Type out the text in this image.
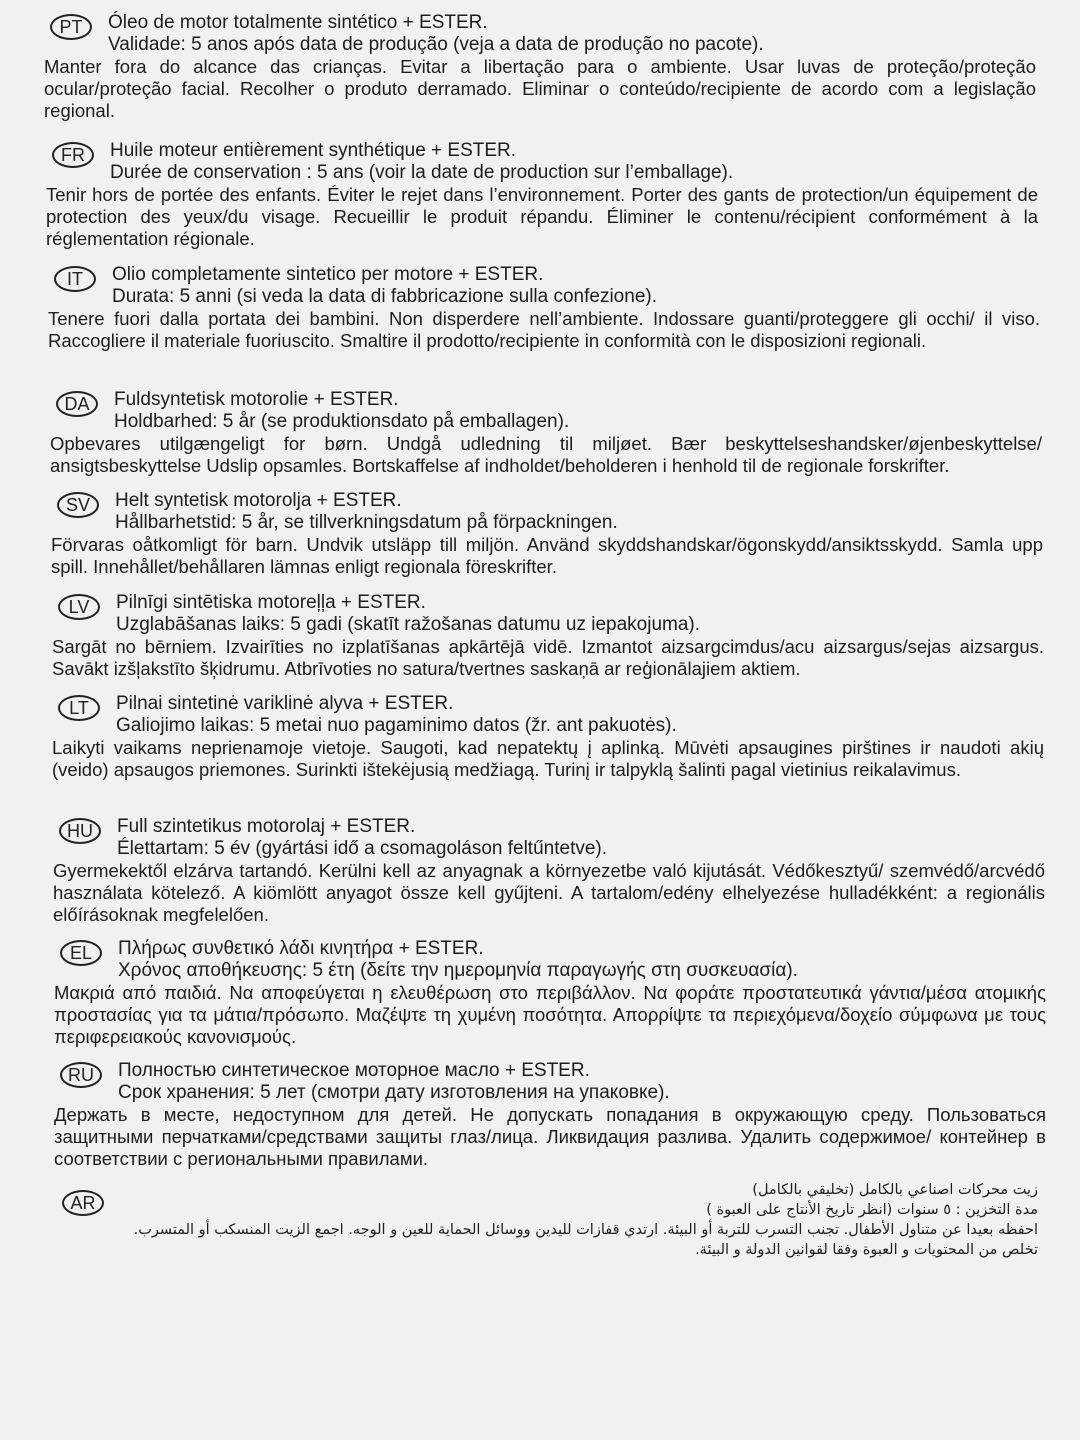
PT	Óleo de motor totalmente sintético + ESTER.
Validade: 5 anos após data de produção (veja a data de produção no pacote).
Manter fora do alcance das crianças. Evitar a libertação para o ambiente. Usar luvas de proteção/proteção ocular/proteção facial. Recolher o produto derramado. Eliminar o conteúdo/recipiente de acordo com a legislação regional.
FR	Huile moteur entièrement synthétique + ESTER.
Durée de conservation : 5 ans (voir la date de production sur l’emballage).
Tenir hors de portée des enfants. Éviter le rejet dans l’environnement. Porter des gants de protection/un équipement de protection des yeux/du visage. Recueillir le produit répandu. Éliminer le contenu/récipient conformément à la réglementation régionale.
IT	Olio completamente sintetico per motore + ESTER.
Durata: 5 anni (si veda la data di fabbricazione sulla confezione).
Tenere fuori dalla portata dei bambini. Non disperdere nell’ambiente. Indossare guanti/proteggere gli occhi/ il viso. Raccogliere il materiale fuoriuscito. Smaltire il prodotto/recipiente in conformità con le disposizioni regionali.
DA	Fuldsyntetisk motorolie + ESTER.
Holdbarhed: 5 år (se produktionsdato på emballagen).
Opbevares utilgængeligt for børn. Undgå udledning til miljøet. Bær beskyttelseshandsker/øjenbeskyttelse/ ansigtsbeskyttelse Udslip opsamles. Bortskaffelse af indholdet/beholderen i henhold til de regionale forskrifter.
SV	Helt syntetisk motorolja + ESTER.
Hållbarhetstid: 5 år, se tillverkningsdatum på förpackningen.
Förvaras oåtkomligt för barn. Undvik utsläpp till miljön. Använd skyddshandskar/ögonskydd/ansiktsskydd. Samla upp spill. Innehållet/behållaren lämnas enligt regionala föreskrifter.
LV	Pilnīgi sintētiska motoreļļa + ESTER.
Uzglabāšanas laiks: 5 gadi (skatīt ražošanas datumu uz iepakojuma).
Sargāt no bērniem. Izvairīties no izplatīšanas apkārtējā vidē. Izmantot aizsargcimdus/acu aizsargus/sejas aizsargus. Savākt izšļakstīto šķidrumu. Atbrīvoties no satura/tvertnes saskaņā ar reģionālajiem aktiem.
LT	Pilnai sintetinė variklinė alyva + ESTER.
Galiojimo laikas: 5 metai nuo pagaminimo datos (žr. ant pakuotės).
Laikyti vaikams neprienamoje vietoje. Saugoti, kad nepatektų į aplinką. Mūvėti apsaugines pirštines ir naudoti akių (veido) apsaugos priemones. Surinkti ištekėjusią medžiagą. Turinį ir talpyklą šalinti pagal vietinius reikalavimus.
HU	Full szintetikus motorolaj + ESTER.
Élettartam: 5 év (gyártási idő a csomagoláson feltűntetve).
Gyermekektől elzárva tartandó. Kerülni kell az anyagnak a környezetbe való kijutását. Védőkesztyű/ szemvédő/arcvédő használata kötelező. A kiömlött anyagot össze kell gyűjteni. A tartalom/edény elhelyezése hulladékként: a regionális előírásoknak megfelelően.
EL	Πλήρως συνθετικό λάδι κινητήρα + ESTER.
Χρόνος αποθήκευσης: 5 έτη (δείτε την ημερομηνία παραγωγής στη συσκευασία).
Μακριά από παιδιά. Να αποφεύγεται η ελευθέρωση στο περιβάλλον. Να φοράτε προστατευτικά γάντια/μέσα ατομικής προστασίας για τα μάτια/πρόσωπο. Μαζέψτε τη χυμένη ποσότητα. Απορρίψτε τα περιεχόμενα/δοχείο σύμφωνα με τους περιφερειακούς κανονισμούς.
RU	Полностью синтетическое моторное масло + ESTER.
Срок хранения: 5 лет (смотри дату изготовления на упаковке).
Держать в месте, недоступном для детей. Не допускать попадания в окружающую среду. Пользоваться защитными перчатками/средствами защиты глаз/лица. Ликвидация разлива. Удалить содержимое/ контейнер в соответствии с региональными правилами.
AR
زيت محركات اصناعي بالكامل (تخليقي بالكامل)
مدة التخزين : ٥ سنوات (انظر تاريخ الأنتاج على العبوة )
احفظه بعيدا عن متناول الأطفال. تجنب التسرب للتربة أو البيئة. ارتدي قفازات لليدين ووسائل الحماية للعين و الوجه. اجمع الزيت المنسكب أو المتسرب.
تخلص من المحتويات و العبوة وفقا لقوانين الدولة و البيئة.
